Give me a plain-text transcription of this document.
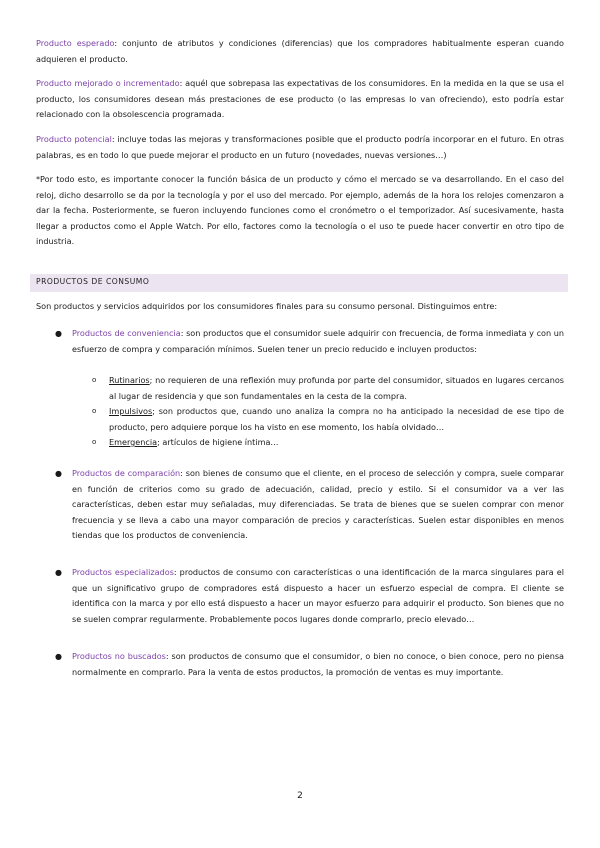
Producto esperado: conjunto de atributos y condiciones (diferencias) que los compradores habitualmente esperan cuando adquieren el producto.

Producto mejorado o incrementado: aquél que sobrepasa las expectativas de los consumidores. En la medida en la que se usa el producto, los consumidores desean más prestaciones de ese producto (o las empresas lo van ofreciendo), esto podría estar relacionado con la obsolescencia programada.

Producto potencial: incluye todas las mejoras y transformaciones posible que el producto podría incorporar en el futuro. En otras palabras, es en todo lo que puede mejorar el producto en un futuro (novedades, nuevas versiones…)

*Por todo esto, es importante conocer la función básica de un producto y cómo el mercado se va desarrollando. En el caso del reloj, dicho desarrollo se da por la tecnología y por el uso del mercado. Por ejemplo, además de la hora los relojes comenzaron a dar la fecha. Posteriormente, se fueron incluyendo funciones como el cronómetro o el temporizador. Así sucesivamente, hasta llegar a productos como el Apple Watch. Por ello, factores como la tecnología o el uso te puede hacer convertir en otro tipo de industria.

PRODUCTOS DE CONSUMO

Son productos y servicios adquiridos por los consumidores finales para su consumo personal. Distinguimos entre:

● Productos de conveniencia: son productos que el consumidor suele adquirir con frecuencia, de forma inmediata y con un esfuerzo de compra y comparación mínimos. Suelen tener un precio reducido e incluyen productos:

o Rutinarios; no requieren de una reflexión muy profunda por parte del consumidor, situados en lugares cercanos al lugar de residencia y que son fundamentales en la cesta de la compra.

o Impulsivos; son productos que, cuando uno analiza la compra no ha anticipado la necesidad de ese tipo de producto, pero adquiere porque los ha visto en ese momento, los había olvidado…

o Emergencia; artículos de higiene íntima…

● Productos de comparación: son bienes de consumo que el cliente, en el proceso de selección y compra, suele comparar en función de criterios como su grado de adecuación, calidad, precio y estilo. Si el consumidor va a ver las características, deben estar muy señaladas, muy diferenciadas. Se trata de bienes que se suelen comprar con menor frecuencia y se lleva a cabo una mayor comparación de precios y características. Suelen estar disponibles en menos tiendas que los productos de conveniencia.

● Productos especializados: productos de consumo con características o una identificación de la marca singulares para el que un significativo grupo de compradores está dispuesto a hacer un esfuerzo especial de compra. El cliente se identifica con la marca y por ello está dispuesto a hacer un mayor esfuerzo para adquirir el producto. Son bienes que no se suelen comprar regularmente. Probablemente pocos lugares donde comprarlo, precio elevado…

● Productos no buscados: son productos de consumo que el consumidor, o bien no conoce, o bien conoce, pero no piensa normalmente en comprarlo. Para la venta de estos productos, la promoción de ventas es muy importante.

2
